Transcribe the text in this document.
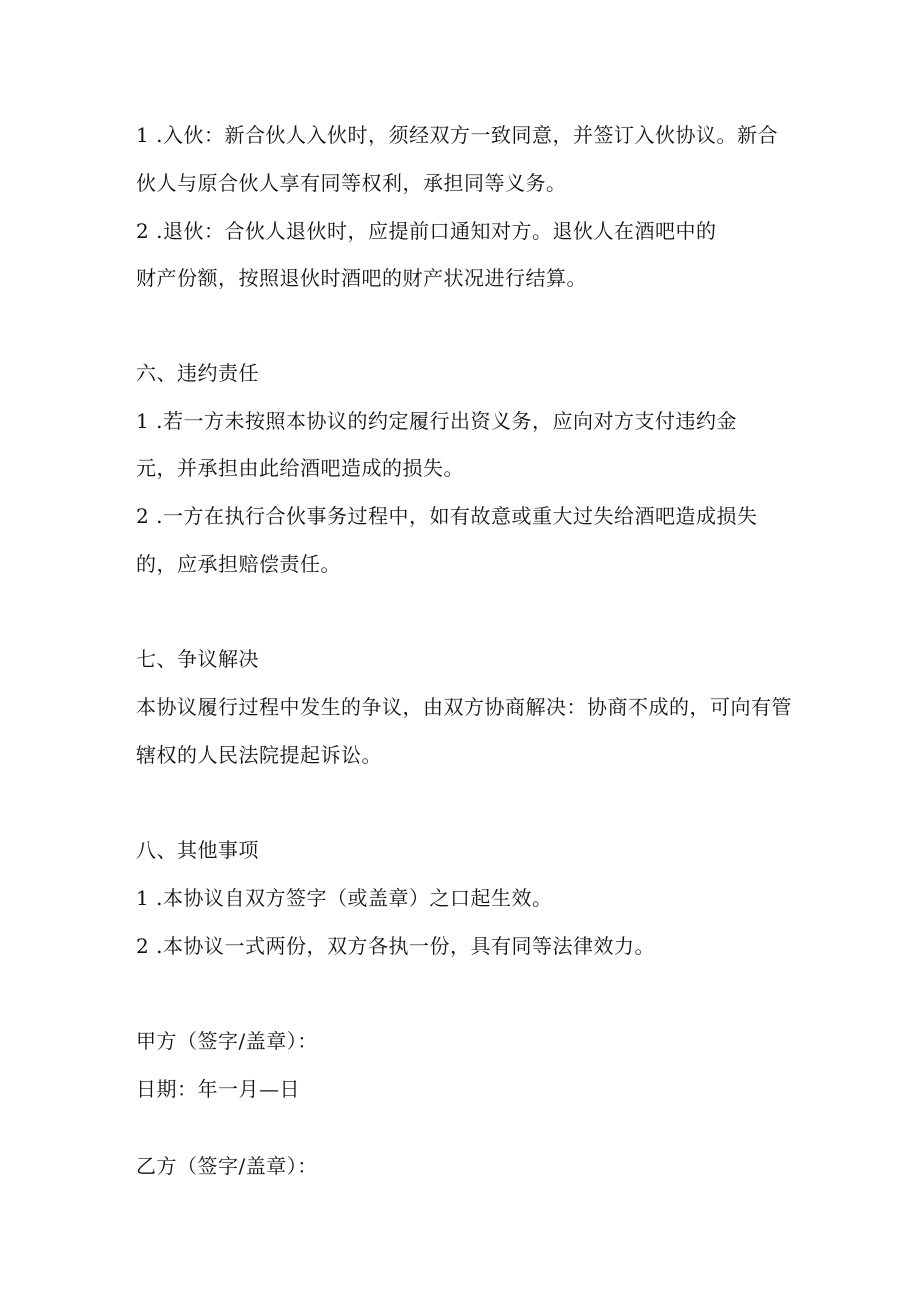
1 .入伙：新合伙人入伙时，须经双方一致同意，并签订入伙协议。新合
伙人与原合伙人享有同等权利，承担同等义务。
2 .退伙：合伙人退伙时，应提前口通知对方。退伙人在酒吧中的
财产份额，按照退伙时酒吧的财产状况进行结算。
六、违约责任
1 .若一方未按照本协议的约定履行出资义务，应向对方支付违约金
元，并承担由此给酒吧造成的损失。
2 .一方在执行合伙事务过程中，如有故意或重大过失给酒吧造成损失
的，应承担赔偿责任。
七、争议解决
本协议履行过程中发生的争议，由双方协商解决：协商不成的，可向有管
辖权的人民法院提起诉讼。
八、其他事项
1 .本协议自双方签字（或盖章）之口起生效。
2 .本协议一式两份，双方各执一份，具有同等法律效力。
甲方（签字/盖章）：
日期：年一月—日
乙方（签字/盖章）：
